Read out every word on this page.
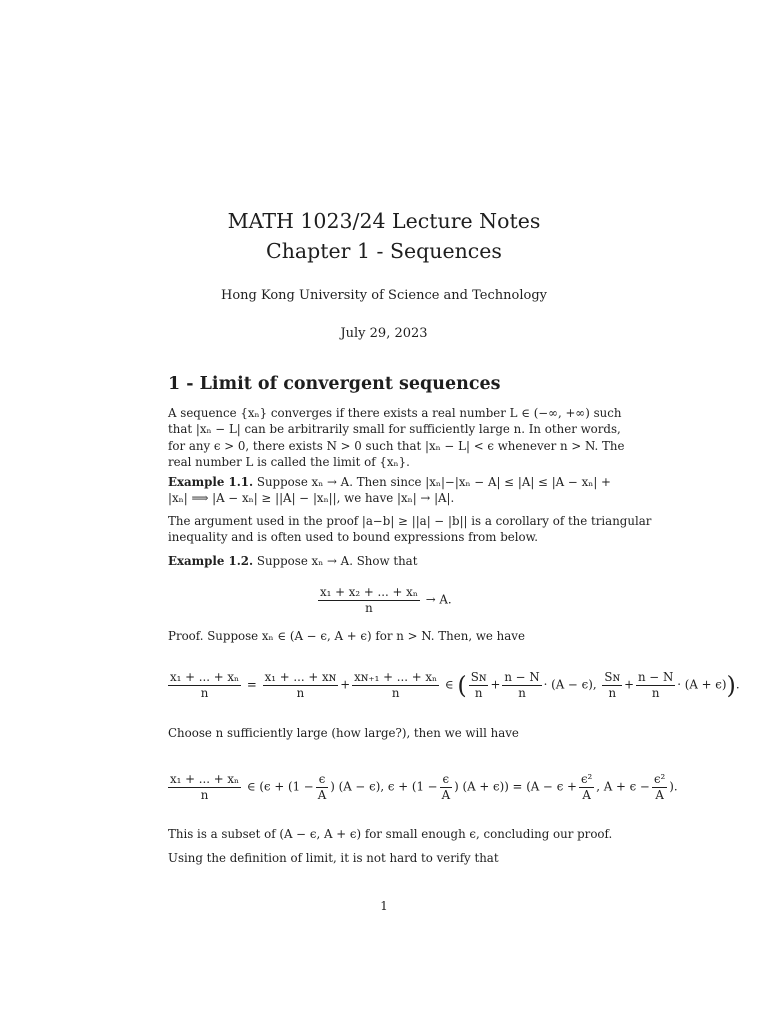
MATH 1023/24 Lecture Notes
Chapter 1 - Sequences
Hong Kong University of Science and Technology
July 29, 2023
1 - Limit of convergent sequences
A sequence {xₙ} converges if there exists a real number L ∈ (−∞, +∞) such
that |xₙ − L| can be arbitrarily small for sufficiently large n. In other words,
for any ϵ > 0, there exists N > 0 such that |xₙ − L| < ϵ whenever n > N. The
real number L is called the limit of {xₙ}.
Example 1.1. Suppose xₙ → A. Then since |xₙ|−|xₙ − A| ≤ |A| ≤ |A − xₙ| +
|xₙ| ⟹ |A − xₙ| ≥ ||A| − |xₙ||, we have |xₙ| → |A|.
The argument used in the proof |a−b| ≥ ||a| − |b|| is a corollary of the triangular
inequality and is often used to bound expressions from below.
Example 1.2. Suppose xₙ → A. Show that
$\frac{\text{x₁ + x₂ + ... + xₙ}}{n} \to A$.
Proof. Suppose xₙ ∈ (A − ϵ, A + ϵ) for n > N. Then, we have
$\frac{\text{x₁ + ... + xₙ}}{n} = \frac{\text{x₁ + ... + xɴ}}{n} + \frac{\text{xɴ₊₁ + ... + xₙ}}{n}$ ∈ ( $\frac{\text{Sɴ}}{n} + \frac{n - N}{n} \cdot (A - \epsilon)$, $\frac{\text{Sɴ}}{n} + \frac{n - N}{n} \cdot (A + \epsilon)$).
Choose n sufficiently large (how large?), then we will have
$\frac{\text{x₁ + ... + xₙ}}{n}$ ∈ ($\epsilon + (1 - \frac{\epsilon}{A}$ ) (A − ϵ), $\epsilon + (1 - \frac{\epsilon}{A}$ ) $(A + \epsilon)) = (A - \epsilon + \frac{\text{ϵ²}}{A}$ , $A + \epsilon - \frac{\text{ϵ²}}{A}$ ).
This is a subset of (A − ϵ, A + ϵ) for small enough ϵ, concluding our proof.
Using the definition of limit, it is not hard to verify that
1
